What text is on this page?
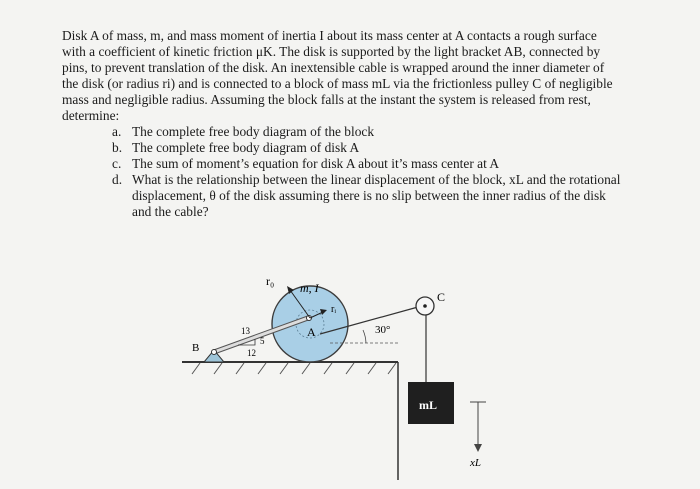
Disk A of mass, m, and mass moment of inertia I about its mass center at A contacts a rough surface with a coefficient of kinetic friction μK. The disk is supported by the light bracket AB, connected by pins, to prevent translation of the disk. An inextensible cable is wrapped around the inner diameter of the disk (or radius ri) and is connected to a block of mass mL via the frictionless pulley C of negligible mass and negligible radius. Assuming the block falls at the instant the system is released from rest, determine:

a. The complete free body diagram of the block
b. The complete free body diagram of disk A
c. The sum of moment’s equation for disk A about it’s mass center at A
d. What is the relationship between the linear displacement of the block, xL and the rotational displacement, θ of the disk assuming there is no slip between the inner radius of the disk and the cable?
r₀ m, I
rᵢ
A
B
C
30°
13
5
12
mL
xL
